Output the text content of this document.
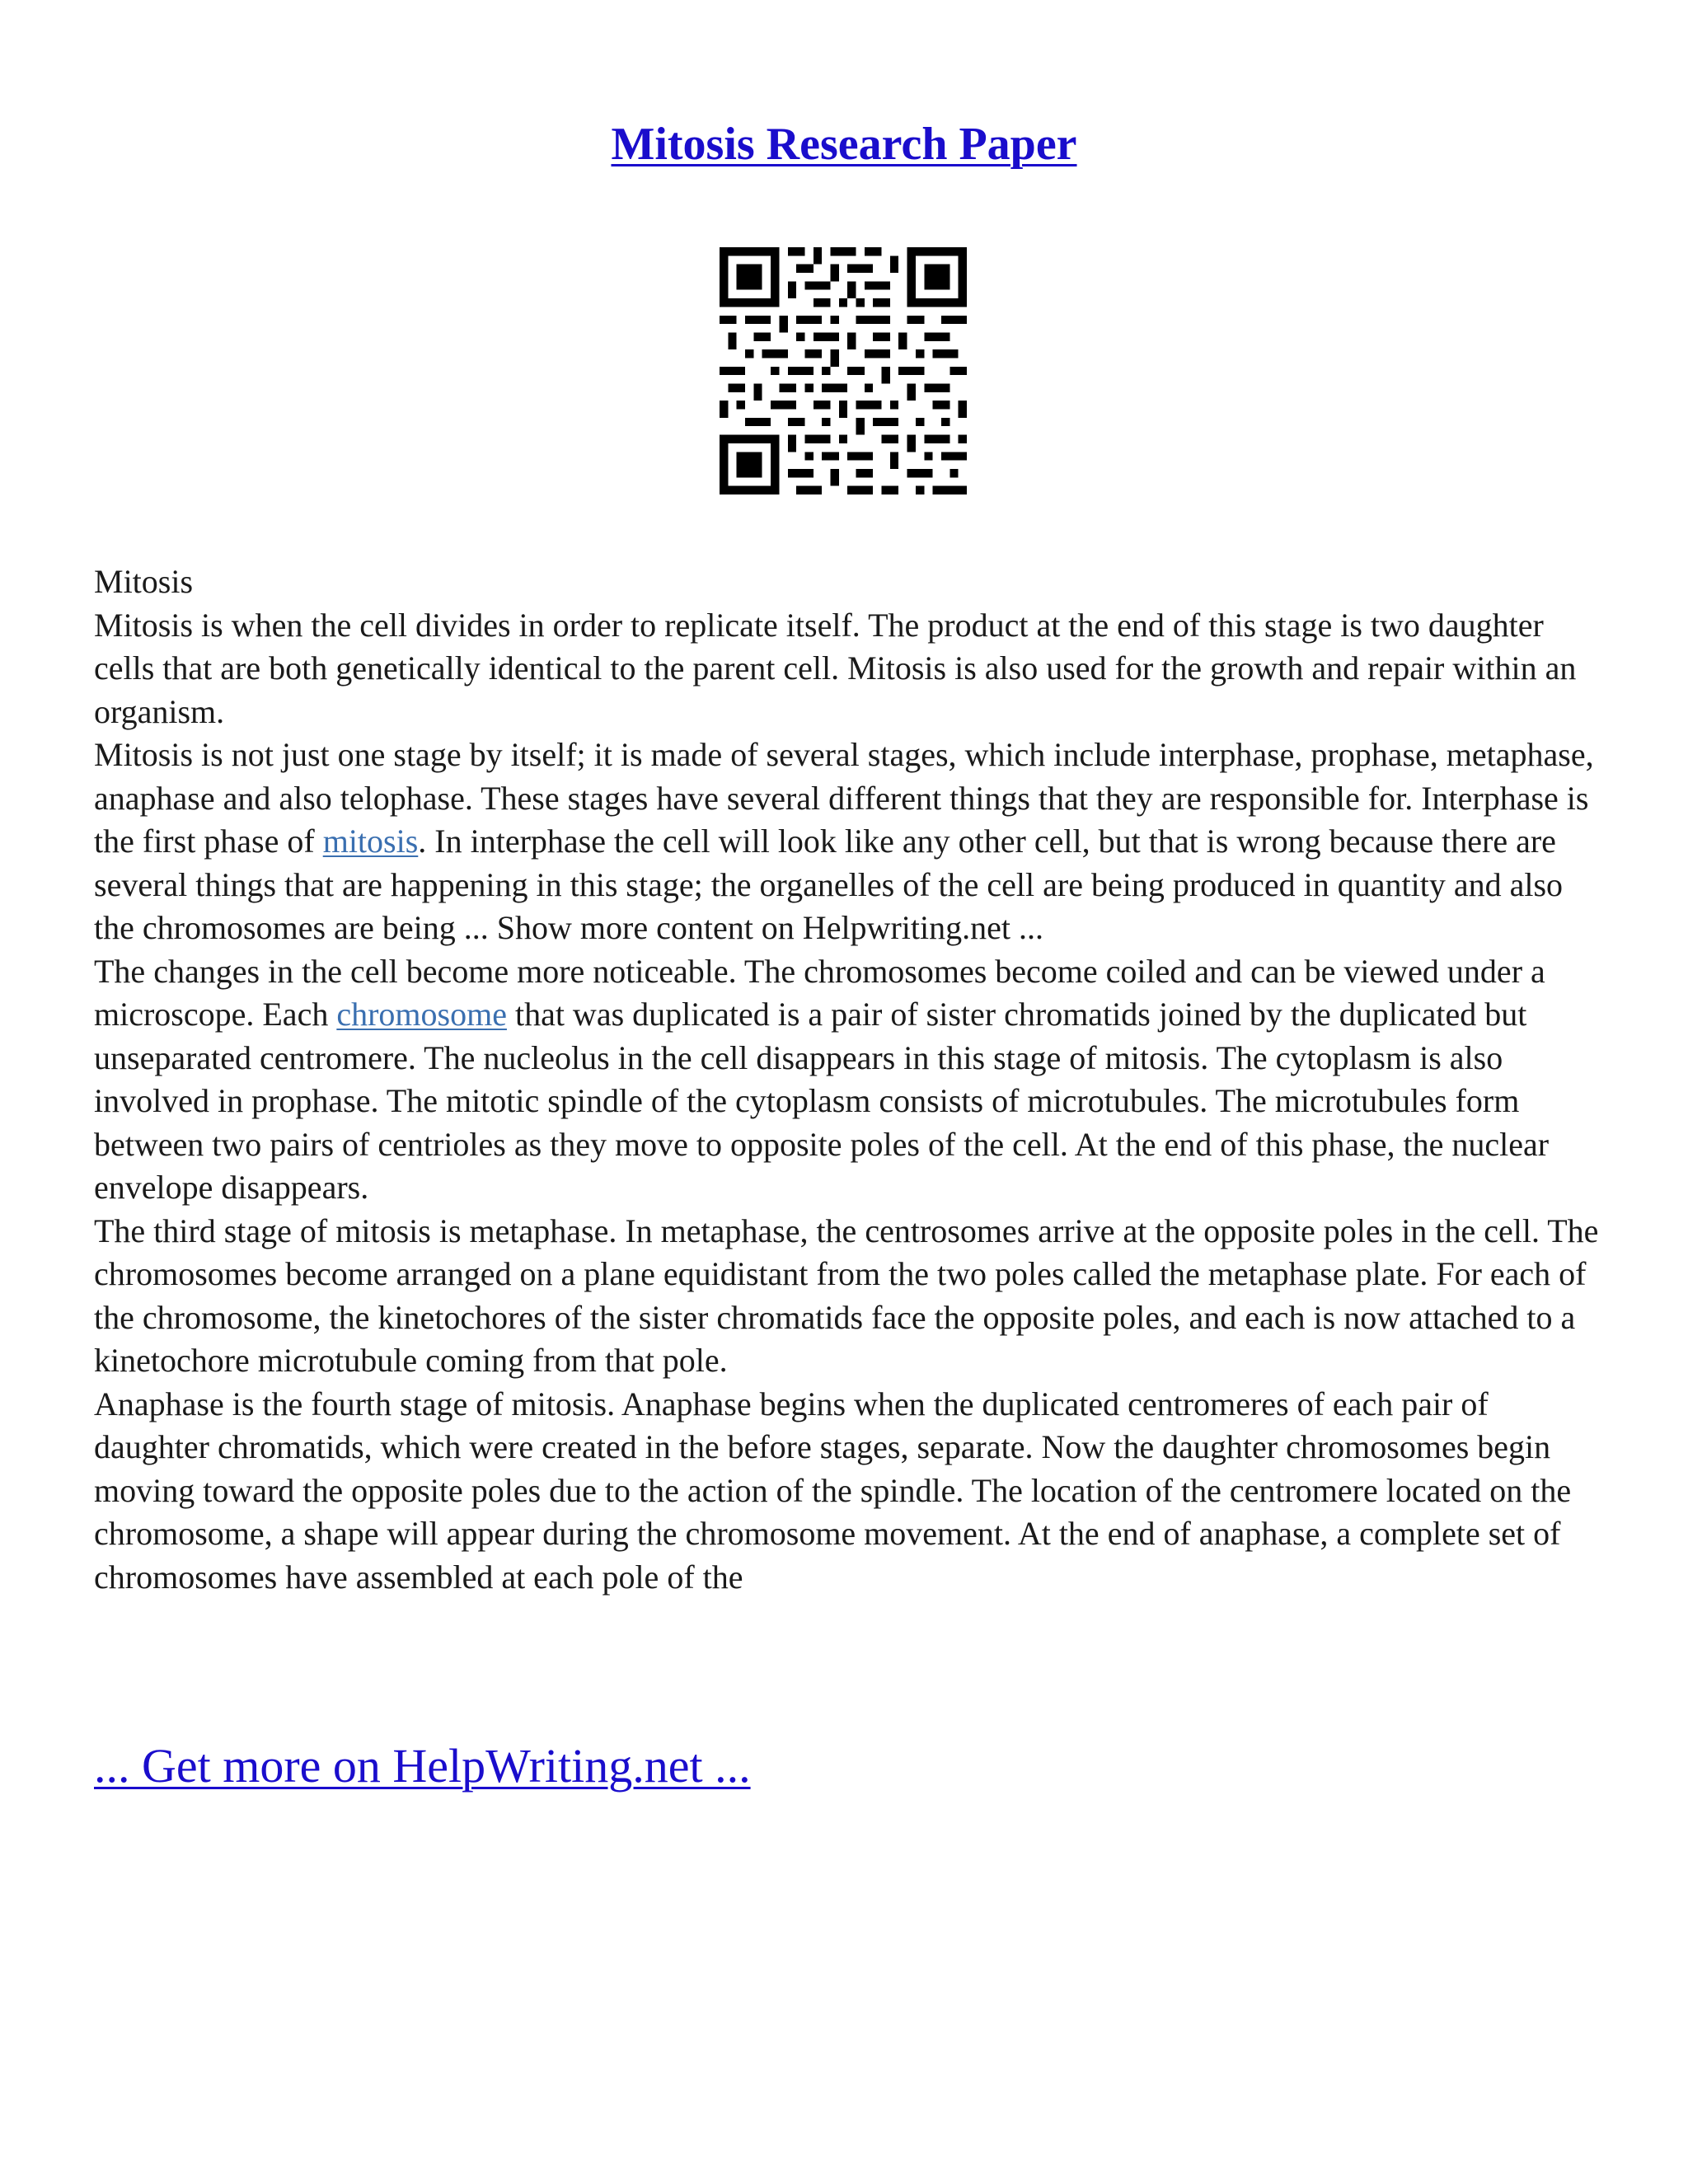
Mitosis Research Paper

Mitosis

Mitosis is when the cell divides in order to replicate itself. The product at the end of this stage is two daughter cells that are both genetically identical to the parent cell. Mitosis is also used for the growth and repair within an organism.

Mitosis is not just one stage by itself; it is made of several stages, which include interphase, prophase, metaphase, anaphase and also telophase. These stages have several different things that they are responsible for. Interphase is the first phase of mitosis. In interphase the cell will look like any other cell, but that is wrong because there are several things that are happening in this stage; the organelles of the cell are being produced in quantity and also the chromosomes are being ... Show more content on Helpwriting.net ...

The changes in the cell become more noticeable. The chromosomes become coiled and can be viewed under a microscope. Each chromosome that was duplicated is a pair of sister chromatids joined by the duplicated but unseparated centromere. The nucleolus in the cell disappears in this stage of mitosis. The cytoplasm is also involved in prophase. The mitotic spindle of the cytoplasm consists of microtubules. The microtubules form between two pairs of centrioles as they move to opposite poles of the cell. At the end of this phase, the nuclear envelope disappears.

The third stage of mitosis is metaphase. In metaphase, the centrosomes arrive at the opposite poles in the cell. The chromosomes become arranged on a plane equidistant from the two poles called the metaphase plate. For each of the chromosome, the kinetochores of the sister chromatids face the opposite poles, and each is now attached to a kinetochore microtubule coming from that pole.

Anaphase is the fourth stage of mitosis. Anaphase begins when the duplicated centromeres of each pair of daughter chromatids, which were created in the before stages, separate. Now the daughter chromosomes begin moving toward the opposite poles due to the action of the spindle. The location of the centromere located on the chromosome, a shape will appear during the chromosome movement. At the end of anaphase, a complete set of chromosomes have assembled at each pole of the

... Get more on HelpWriting.net ...
